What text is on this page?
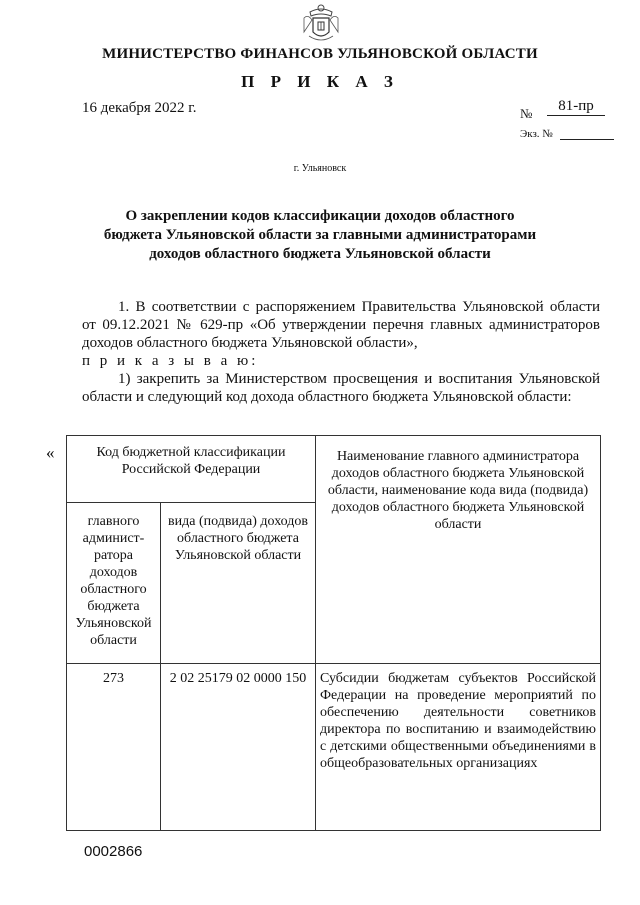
МИНИСТЕРСТВО ФИНАНСОВ УЛЬЯНОВСКОЙ ОБЛАСТИ
П Р И К А З
16 декабря 2022 г.	№	81-пр
Экз. №
г. Ульяновск
О закреплении кодов классификации доходов областного бюджета Ульяновской области за главными администраторами доходов областного бюджета Ульяновской области
1. В соответствии с распоряжением Правительства Ульяновской области от 09.12.2021 № 629-пр «Об утверждении перечня главных администраторов доходов областного бюджета Ульяновской области»,
п р и к а з ы в а ю:
1) закрепить за Министерством просвещения и воспитания Ульяновской области и следующий код дохода областного бюджета Ульяновской области:
«	Код бюджетной классификации Российской Федерации		Наименование главного администратора доходов областного бюджета Ульяновской области, наименование кода вида (подвида) доходов областного бюджета Ульяновской области
главного админист-ратора доходов областного бюджета Ульяновской области	вида (подвида) доходов областного бюджета Ульяновской области	
273	2 02 25179 02 0000 150	Субсидии бюджетам субъектов Российской Федерации на проведение мероприятий по обеспечению деятельности советников директора по воспитанию и взаимодействию с детскими общественными объединениями в общеобразовательных организациях
0002866
